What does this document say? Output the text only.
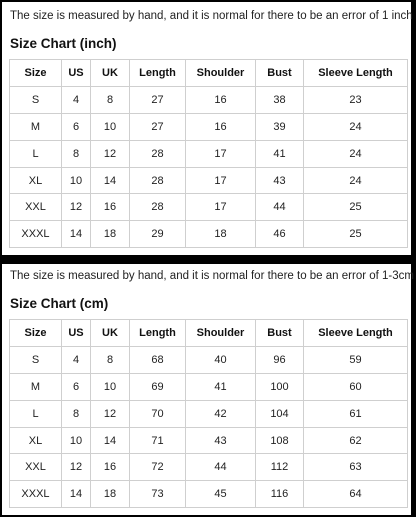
The size is measured by hand, and it is normal for there to be an error of 1 inch
Size Chart (inch)
Size	US	UK	Length	Shoulder	Bust	Sleeve Length
S	4	8	27	16	38	23
M	6	10	27	16	39	24
L	8	12	28	17	41	24
XL	10	14	28	17	43	24
XXL	12	16	28	17	44	25
XXXL	14	18	29	18	46	25
The size is measured by hand, and it is normal for there to be an error of 1-3cm
Size Chart (cm)
Size	US	UK	Length	Shoulder	Bust	Sleeve Length
S	4	8	68	40	96	59
M	6	10	69	41	100	60
L	8	12	70	42	104	61
XL	10	14	71	43	108	62
XXL	12	16	72	44	112	63
XXXL	14	18	73	45	116	64
